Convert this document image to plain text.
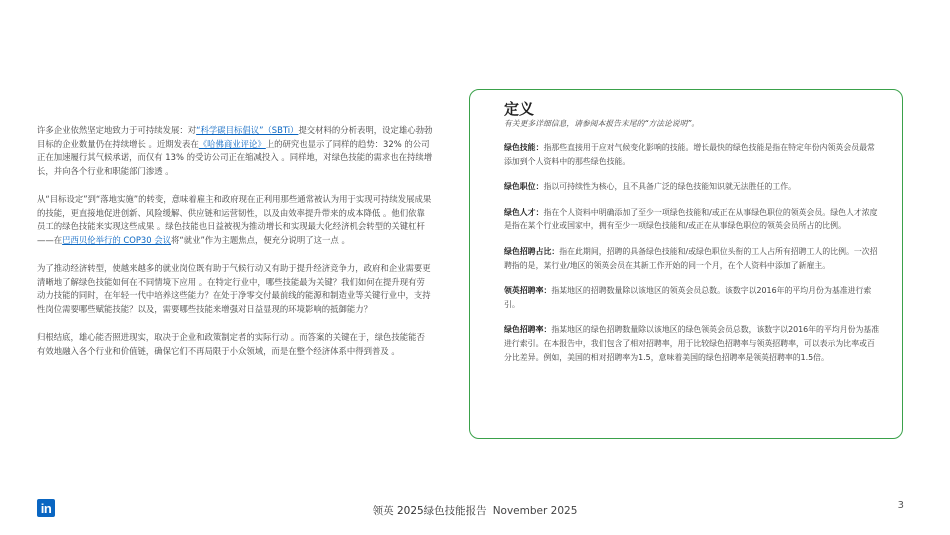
许多企业依然坚定地致力于可持续发展：对“科学碳目标倡议”（SBTi）提交材料的分析表明，设定雄心勃勃目标的企业数量仍在持续增长 。近期发表在《哈佛商业评论》上的研究也显示了同样的趋势：32% 的公司正在加速履行其气候承诺，而仅有 13% 的受访公司正在缩减投入 。同样地，对绿色技能的需求也在持续增长，并向各个行业和职能部门渗透 。

从“目标设定”到“落地实施”的转变，意味着雇主和政府现在正利用那些通常被认为用于实现可持续发展成果的技能，更直接地促进创新、风险缓解、供应链和运营韧性，以及由效率提升带来的成本降低 。他们依靠员工的绿色技能来实现这些成果 。绿色技能也日益被视为推动增长和实现最大化经济机会转型的关键杠杆——在巴西贝伦举行的 COP30 会议将“就业”作为主题焦点，便充分说明了这一点 。

为了推动经济转型，使越来越多的就业岗位既有助于气候行动又有助于提升经济竞争力，政府和企业需要更清晰地了解绿色技能如何在不同情境下应用 。在特定行业中，哪些技能最为关键？我们如何在提升现有劳动力技能的同时，在年轻一代中培养这些能力？在处于净零交付最前线的能源和制造业等关键行业中，支持性岗位需要哪些赋能技能？以及，需要哪些技能来增强对日益显现的环境影响的抵御能力？

归根结底，雄心能否照进现实，取决于企业和政策制定者的实际行动 。而答案的关键在于，绿色技能能否有效地融入各个行业和价值链，确保它们不再局限于小众领域，而是在整个经济体系中得到普及 。

定义
有关更多详细信息，请参阅本报告末尾的“方法论说明”。
绿色技能：指那些直接用于应对气候变化影响的技能。增长最快的绿色技能是指在特定年份内领英会员最常添加到个人资料中的那些绿色技能。
绿色职位：指以可持续性为核心，且不具备广泛的绿色技能知识就无法胜任的工作。
绿色人才：指在个人资料中明确添加了至少一项绿色技能和/或正在从事绿色职位的领英会员。绿色人才浓度是指在某个行业或国家中，拥有至少一项绿色技能和/或正在从事绿色职位的领英会员所占的比例。
绿色招聘占比：指在此期间，招聘的具备绿色技能和/或绿色职位头衔的工人占所有招聘工人的比例。一次招聘指的是，某行业/地区的领英会员在其新工作开始的同一个月，在个人资料中添加了新雇主。
领英招聘率：指某地区的招聘数量除以该地区的领英会员总数。该数字以2016年的平均月份为基准进行索引。
绿色招聘率：指某地区的绿色招聘数量除以该地区的绿色领英会员总数，该数字以2016年的平均月份为基准进行索引。在本报告中，我们包含了相对招聘率，用于比较绿色招聘率与领英招聘率，可以表示为比率或百分比差异。例如，美国的相对招聘率为1.5，意味着美国的绿色招聘率是领英招聘率的1.5倍。
in	领英 2025绿色技能报告 November 2025	3
